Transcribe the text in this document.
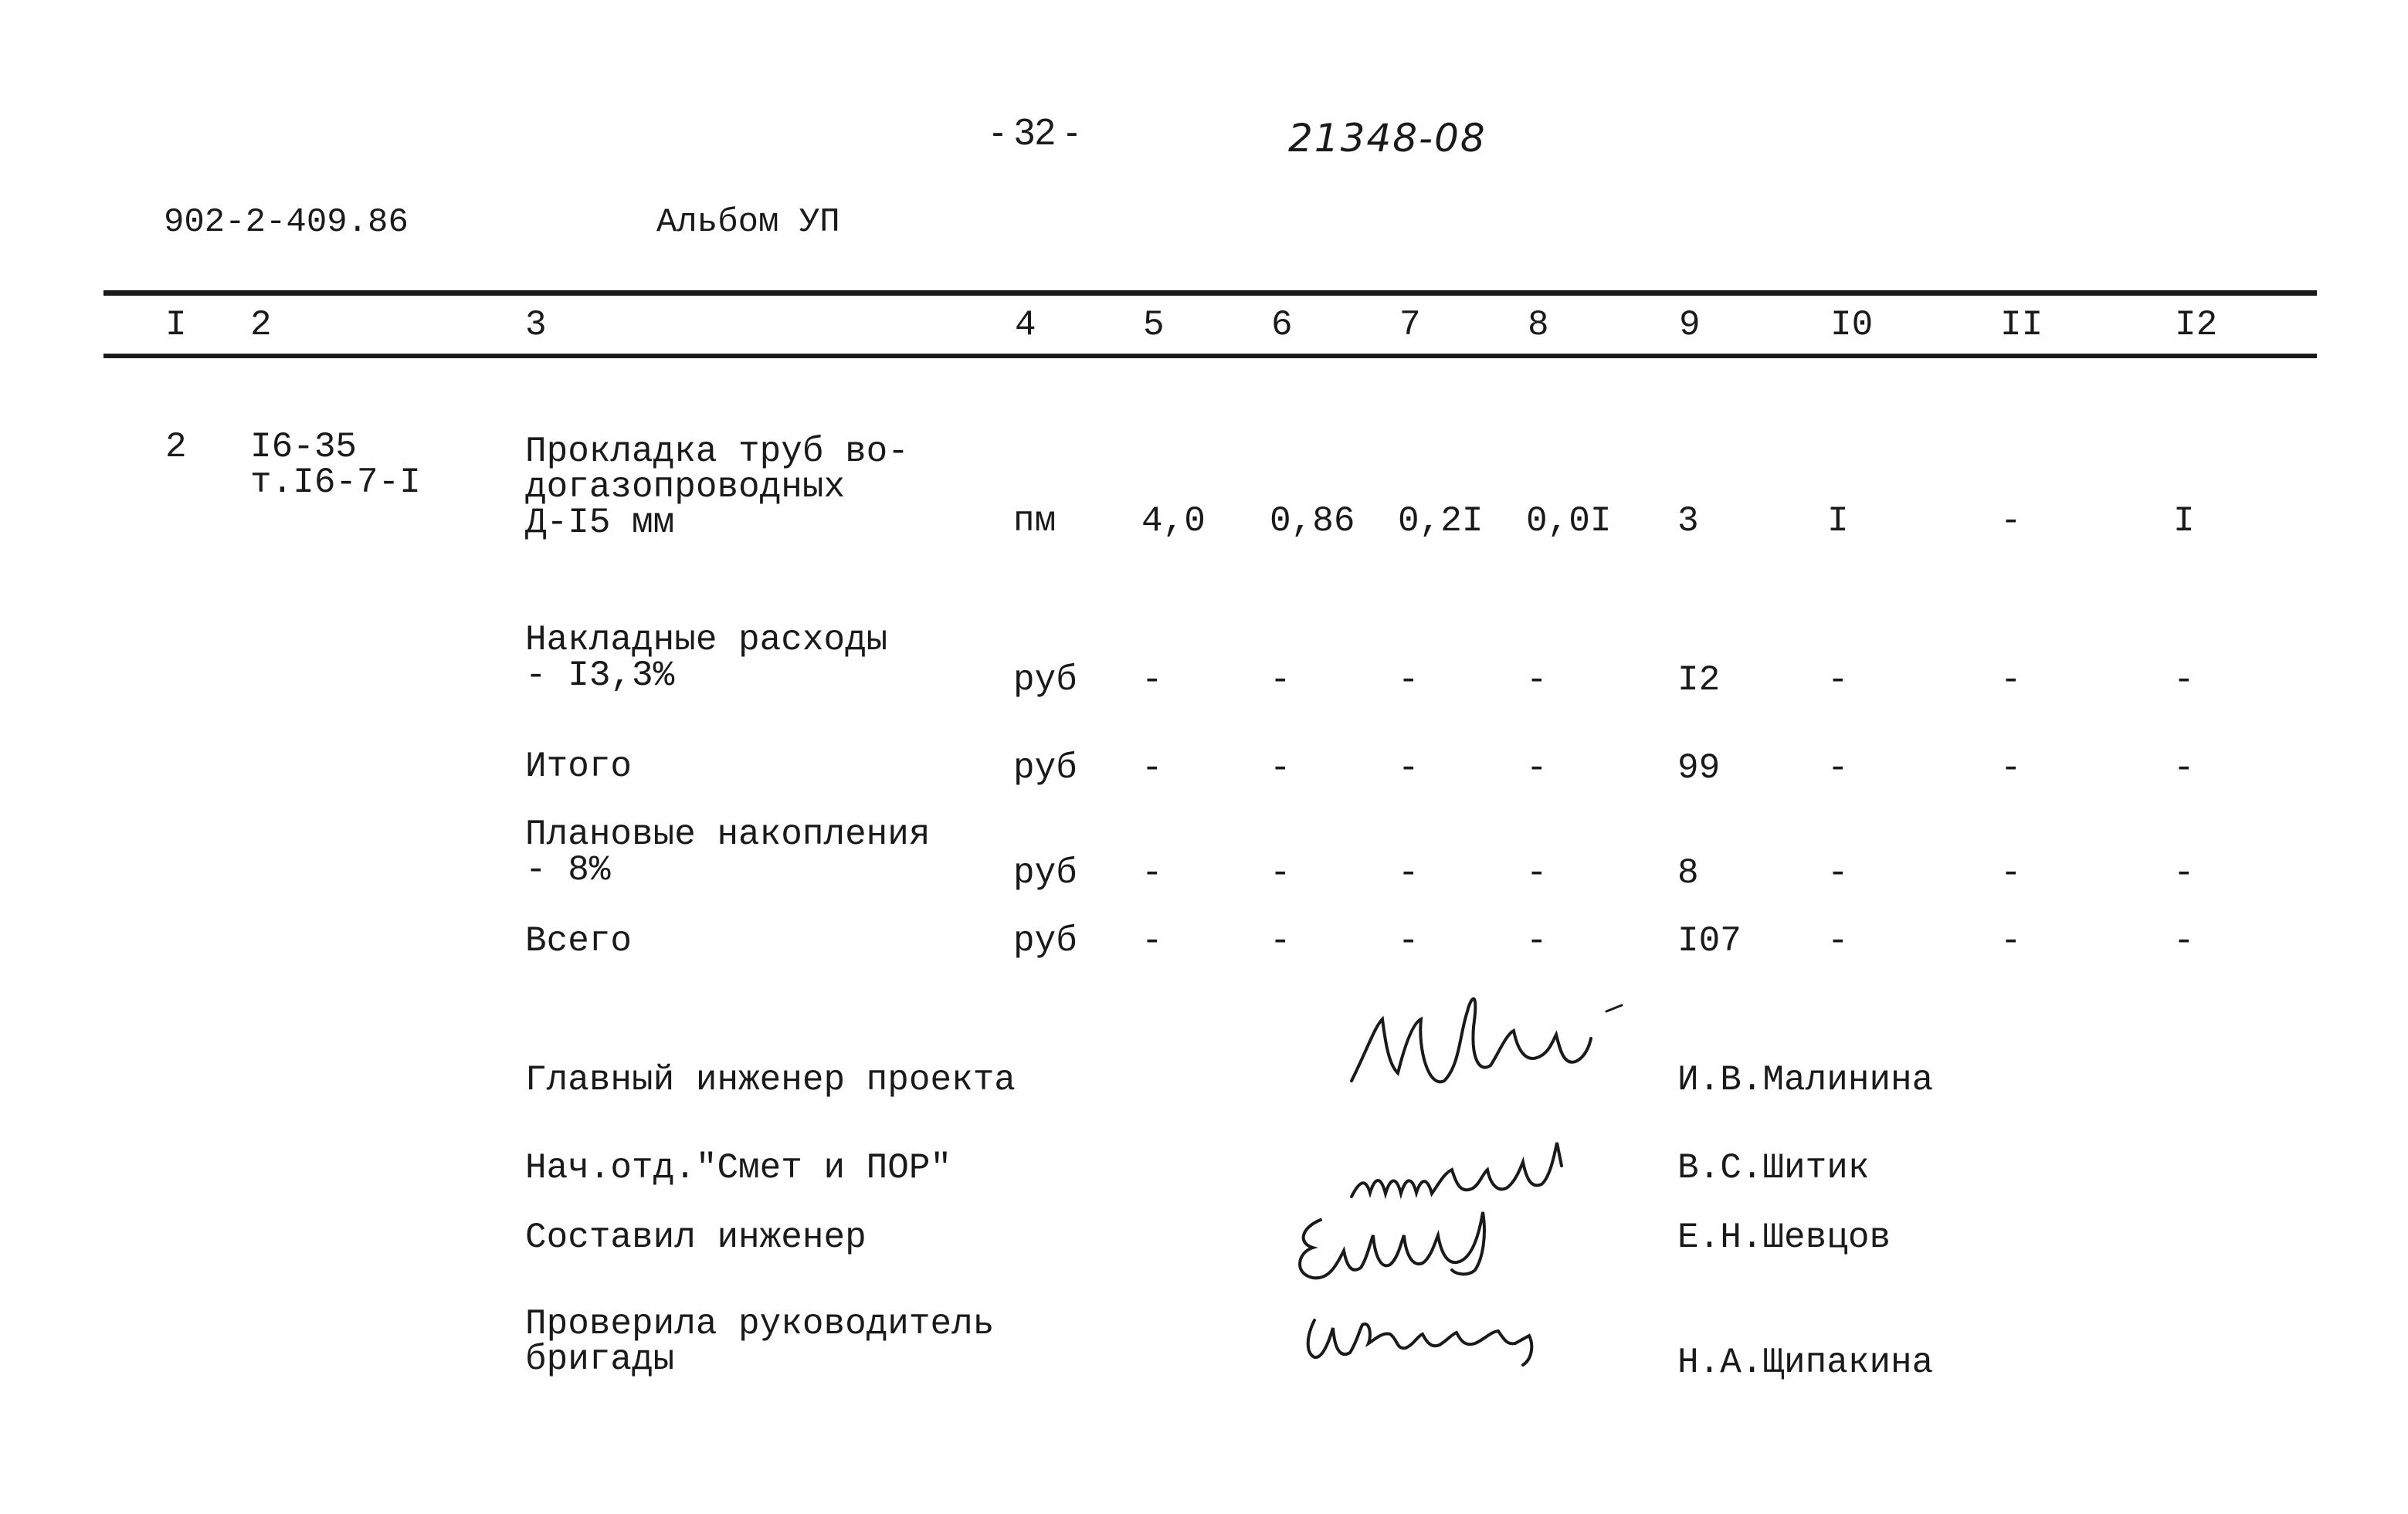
- 32 -	21348-08
902-2-409.86	Альбом УП
I 2	3	4	5	6	7	8	9	I0	II	I2
2 I6-35
т.I6-7-I
Прокладка труб во-
догазопроводных
Д-I5 мм	пм 4,0 0,86 0,2I 0,0I 3	I	-	I
Накладные расходы
- I3,3%	руб -	-	-	-	I2	-	-	-
Итого	руб -	-	-	-	99	-	-	-
Плановые накопления
- 8%	руб -	-	-	-	8	-	-	-
Всего	руб -	-	-	-	I07 -	-	-
Главный инженер проекта	И.В.Малинина
Нач.отд."Смет и ПОР"	В.С.Шитик
Составил инженер	Е.Н.Шевцов
Проверила руководитель
бригады	Н.А.Щипакина
